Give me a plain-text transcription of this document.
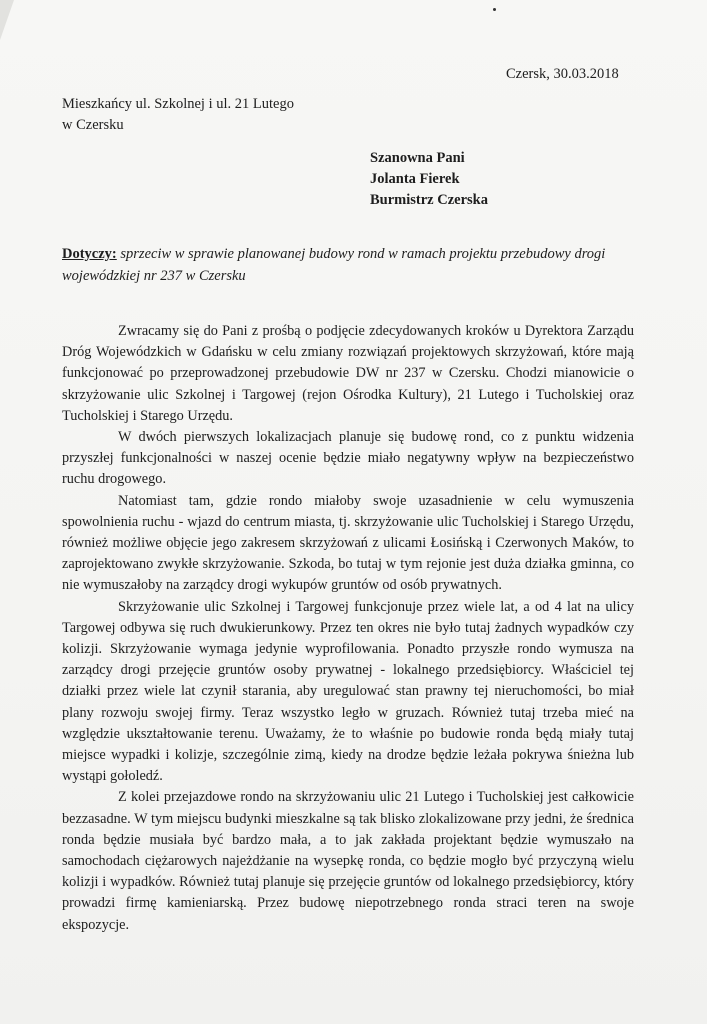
Czersk, 30.03.2018
Mieszkańcy ul. Szkolnej i ul. 21 Lutego
w Czersku
Szanowna Pani
Jolanta Fierek
Burmistrz Czerska
Dotyczy: sprzeciw w sprawie planowanej budowy rond w ramach projektu przebudowy drogi wojewódzkiej nr 237 w Czersku

Zwracamy się do Pani z prośbą o podjęcie zdecydowanych kroków u Dyrektora Zarządu Dróg Wojewódzkich w Gdańsku w celu zmiany rozwiązań projektowych skrzyżowań, które mają funkcjonować po przeprowadzonej przebudowie DW nr 237 w Czersku. Chodzi mianowicie o skrzyżowanie ulic Szkolnej i Targowej (rejon Ośrodka Kultury), 21 Lutego i Tucholskiej oraz Tucholskiej i Starego Urzędu.

W dwóch pierwszych lokalizacjach planuje się budowę rond, co z punktu widzenia przyszłej funkcjonalności w naszej ocenie będzie miało negatywny wpływ na bezpieczeństwo ruchu drogowego.

Natomiast tam, gdzie rondo miałoby swoje uzasadnienie w celu wymuszenia spowolnienia ruchu - wjazd do centrum miasta, tj. skrzyżowanie ulic Tucholskiej i Starego Urzędu, również możliwe objęcie jego zakresem skrzyżowań z ulicami Łosińską i Czerwonych Maków, to zaprojektowano zwykłe skrzyżowanie. Szkoda, bo tutaj w tym rejonie jest duża działka gminna, co nie wymuszałoby na zarządcy drogi wykupów gruntów od osób prywatnych.

Skrzyżowanie ulic Szkolnej i Targowej funkcjonuje przez wiele lat, a od 4 lat na ulicy Targowej odbywa się ruch dwukierunkowy. Przez ten okres nie było tutaj żadnych wypadków czy kolizji. Skrzyżowanie wymaga jedynie wyprofilowania. Ponadto przyszłe rondo wymusza na zarządcy drogi przejęcie gruntów osoby prywatnej - lokalnego przedsiębiorcy. Właściciel tej działki przez wiele lat czynił starania, aby uregulować stan prawny tej nieruchomości, bo miał plany rozwoju swojej firmy. Teraz wszystko legło w gruzach. Również tutaj trzeba mieć na względzie ukształtowanie terenu. Uważamy, że to właśnie po budowie ronda będą miały tutaj miejsce wypadki i kolizje, szczególnie zimą, kiedy na drodze będzie leżała pokrywa śnieżna lub wystąpi gołoledź.

Z kolei przejazdowe rondo na skrzyżowaniu ulic 21 Lutego i Tucholskiej jest całkowicie bezzasadne. W tym miejscu budynki mieszkalne są tak blisko zlokalizowane przy jedni, że średnica ronda będzie musiała być bardzo mała, a to jak zakłada projektant będzie wymuszało na samochodach ciężarowych najeżdżanie na wysepkę ronda, co będzie mogło być przyczyną wielu kolizji i wypadków. Również tutaj planuje się przejęcie gruntów od lokalnego przedsiębiorcy, który prowadzi firmę kamieniarską. Przez budowę niepotrzebnego ronda straci teren na swoje ekspozycje.
